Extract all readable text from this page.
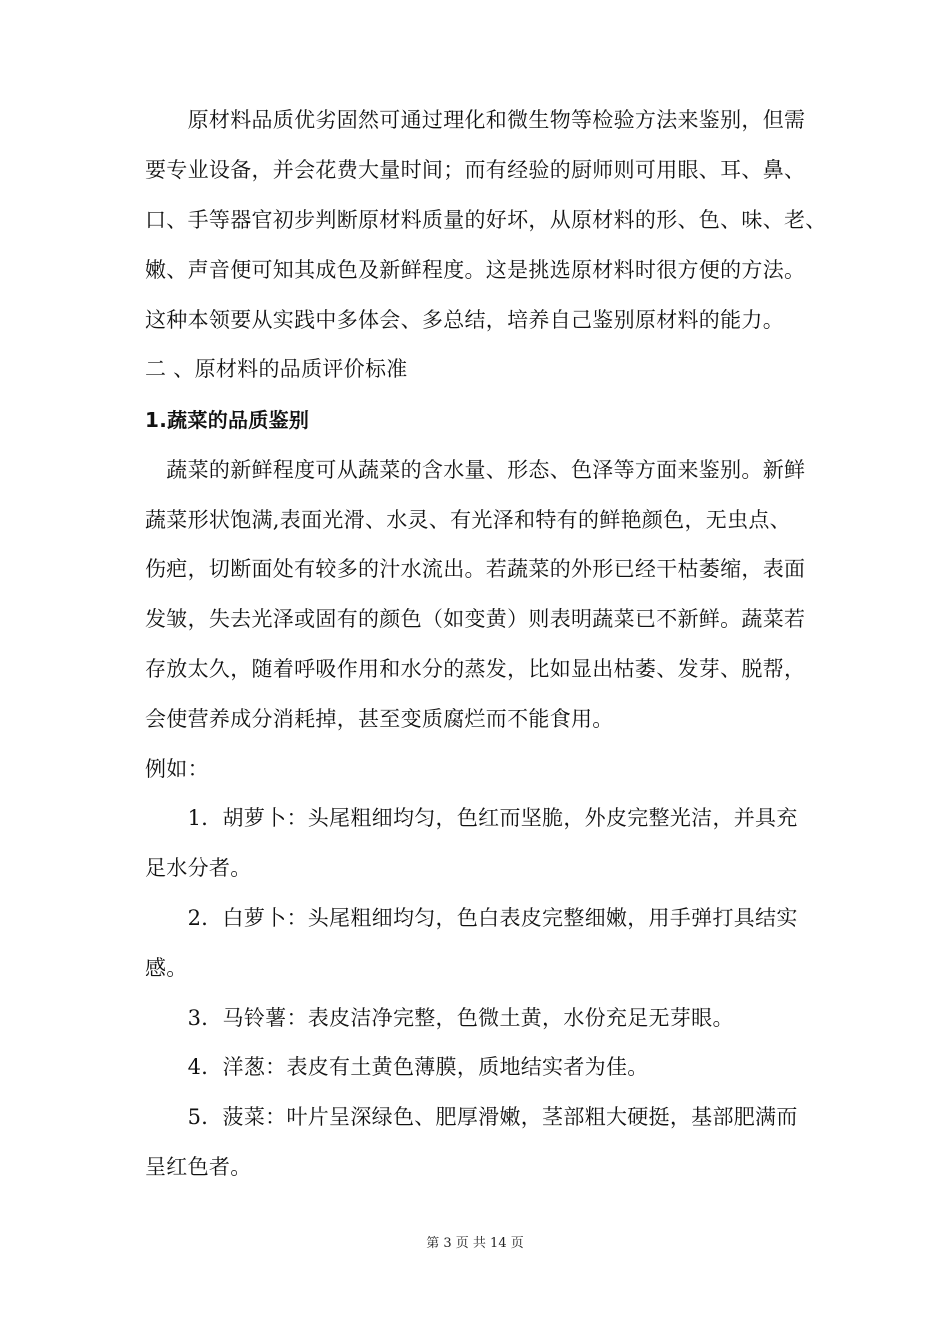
　　原材料品质优劣固然可通过理化和微生物等检验方法来鉴别，但需
要专业设备，并会花费大量时间；而有经验的厨师则可用眼、耳、鼻、
口、手等器官初步判断原材料质量的好坏，从原材料的形、色、味、老、
嫩、声音便可知其成色及新鲜程度。这是挑选原材料时很方便的方法。
这种本领要从实践中多体会、多总结，培养自己鉴别原材料的能力。
二 、原材料的品质评价标准
1.蔬菜的品质鉴别
　蔬菜的新鲜程度可从蔬菜的含水量、形态、色泽等方面来鉴别。新鲜
蔬菜形状饱满,表面光滑、水灵、有光泽和特有的鲜艳颜色，无虫点、
伤疤，切断面处有较多的汁水流出。若蔬菜的外形已经干枯萎缩，表面
发皱，失去光泽或固有的颜色（如变黄）则表明蔬菜已不新鲜。蔬菜若
存放太久，随着呼吸作用和水分的蒸发，比如显出枯萎、发芽、脱帮，
会使营养成分消耗掉，甚至变质腐烂而不能食用。
例如：
　　1．胡萝卜：头尾粗细均匀，色红而坚脆，外皮完整光洁，并具充
足水分者。
　　2．白萝卜：头尾粗细均匀，色白表皮完整细嫩，用手弹打具结实
感。
　　3．马铃薯：表皮洁净完整，色微土黄，水份充足无芽眼。
　　4．洋葱：表皮有土黄色薄膜，质地结实者为佳。
　　5．菠菜：叶片呈深绿色、肥厚滑嫩，茎部粗大硬挺，基部肥满而
呈红色者。
第 3 页 共 14 页
